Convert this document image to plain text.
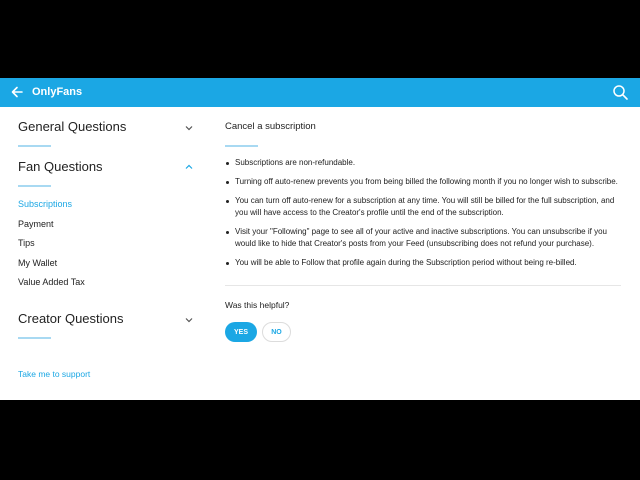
OnlyFans
General Questions
Fan Questions
Subscriptions
Payment
Tips
My Wallet
Value Added Tax
Creator Questions
Take me to support
Cancel a subscription
Subscriptions are non-refundable.
Turning off auto-renew prevents you from being billed the following month if you no longer wish to subscribe.
You can turn off auto-renew for a subscription at any time. You will still be billed for the full subscription, and you will have access to the Creator's profile until the end of the subscription.
Visit your "Following" page to see all of your active and inactive subscriptions. You can unsubscribe if you would like to hide that Creator's posts from your Feed (unsubscribing does not refund your purchase).
You will be able to Follow that profile again during the Subscription period without being re-billed.
Was this helpful?
YES	NO
